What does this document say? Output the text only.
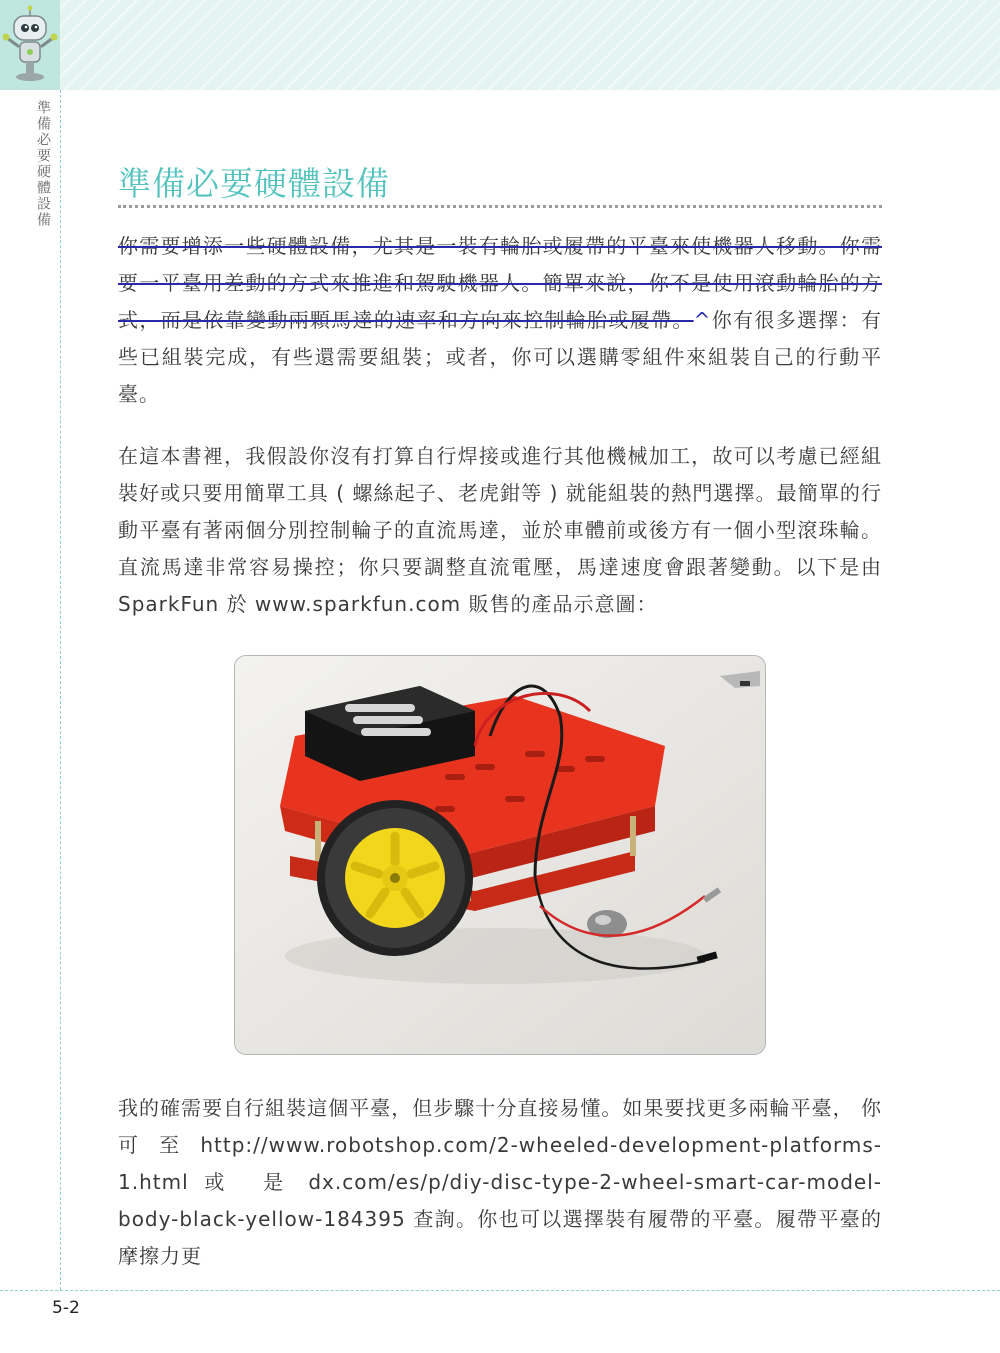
準備必要硬體設備
5-2
準備必要硬體設備

你需要增添一些硬體設備，尤其是一裝有輪胎或履帶的平臺來使機器人移動。你需要一平臺用差動的方式來推進和駕駛機器人。簡單來說，你不是使用滾動輪胎的方式，而是依靠變動兩顆馬達的速率和方向來控制輪胎或履帶。^你有很多選擇：有些已組裝完成，有些還需要組裝；或者，你可以選購零組件來組裝自己的行動平臺。

在這本書裡，我假設你沒有打算自行焊接或進行其他機械加工，故可以考慮已經組裝好或只要用簡單工具 ( 螺絲起子、老虎鉗等 ) 就能組裝的熱門選擇。最簡單的行動平臺有著兩個分別控制輪子的直流馬達，並於車體前或後方有一個小型滾珠輪。直流馬達非常容易操控；你只要調整直流電壓，馬達速度會跟著變動。以下是由 SparkFun 於 www.sparkfun.com 販售的產品示意圖：

我的確需要自行組裝這個平臺，但步驟十分直接易懂。如果要找更多兩輪平臺， 你 可 至 http://www.robotshop.com/2-wheeled-development-platforms-1.html 或　是 dx.com/es/p/diy-disc-type-2-wheel-smart-car-model-body-black-yellow-184395 查詢。你也可以選擇裝有履帶的平臺。履帶平臺的摩擦力更
